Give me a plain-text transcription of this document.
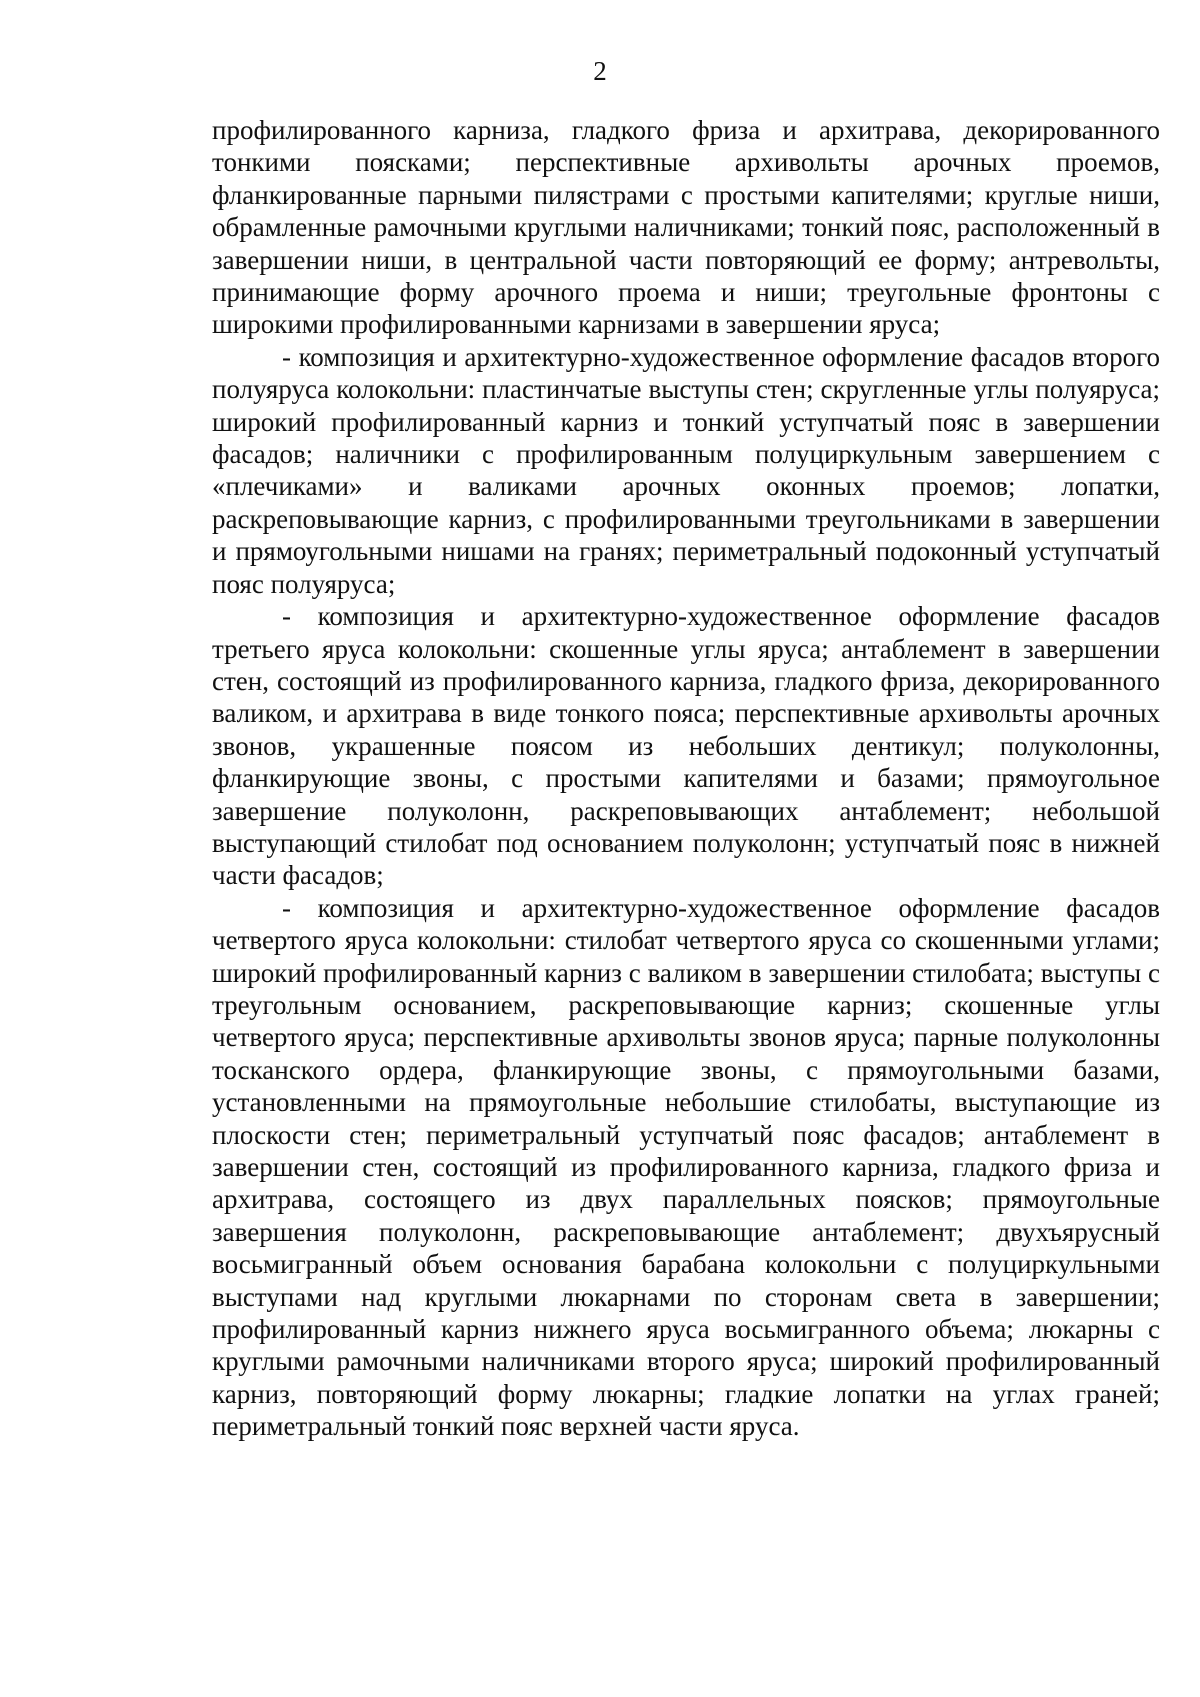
2

профилированного карниза, гладкого фриза и архитрава, декорированного тонкими поясками; перспективные архивольты арочных проемов, фланкированные парными пилястрами с простыми капителями; круглые ниши, обрамленные рамочными круглыми наличниками; тонкий пояс, расположенный в завершении ниши, в центральной части повторяющий ее форму; антревольты, принимающие форму арочного проема и ниши; треугольные фронтоны с широкими профилированными карнизами в завершении яруса;

- композиция и архитектурно-художественное оформление фасадов второго полуяруса колокольни: пластинчатые выступы стен; скругленные углы полуяруса; широкий профилированный карниз и тонкий уступчатый пояс в завершении фасадов; наличники с профилированным полуциркульным завершением с «плечиками» и валиками арочных оконных проемов; лопатки, раскреповывающие карниз, с профилированными треугольниками в завершении и прямоугольными нишами на гранях; периметральный подоконный уступчатый пояс полуяруса;

- композиция и архитектурно-художественное оформление фасадов третьего яруса колокольни: скошенные углы яруса; антаблемент в завершении стен, состоящий из профилированного карниза, гладкого фриза, декорированного валиком, и архитрава в виде тонкого пояса; перспективные архивольты арочных звонов, украшенные поясом из небольших дентикул; полуколонны, фланкирующие звоны, с простыми капителями и базами; прямоугольное завершение полуколонн, раскреповывающих антаблемент; небольшой выступающий стилобат под основанием полуколонн; уступчатый пояс в нижней части фасадов;

- композиция и архитектурно-художественное оформление фасадов четвертого яруса колокольни: стилобат четвертого яруса со скошенными углами; широкий профилированный карниз с валиком в завершении стилобата; выступы с треугольным основанием, раскреповывающие карниз; скошенные углы четвертого яруса; перспективные архивольты звонов яруса; парные полуколонны тосканского ордера, фланкирующие звоны, с прямоугольными базами, установленными на прямоугольные небольшие стилобаты, выступающие из плоскости стен; периметральный уступчатый пояс фасадов; антаблемент в завершении стен, состоящий из профилированного карниза, гладкого фриза и архитрава, состоящего из двух параллельных поясков; прямоугольные завершения полуколонн, раскреповывающие антаблемент; двухъярусный восьмигранный объем основания барабана колокольни с полуциркульными выступами над круглыми люкарнами по сторонам света в завершении; профилированный карниз нижнего яруса восьмигранного объема; люкарны с круглыми рамочными наличниками второго яруса; широкий профилированный карниз, повторяющий форму люкарны; гладкие лопатки на углах граней; периметральный тонкий пояс верхней части яруса.
